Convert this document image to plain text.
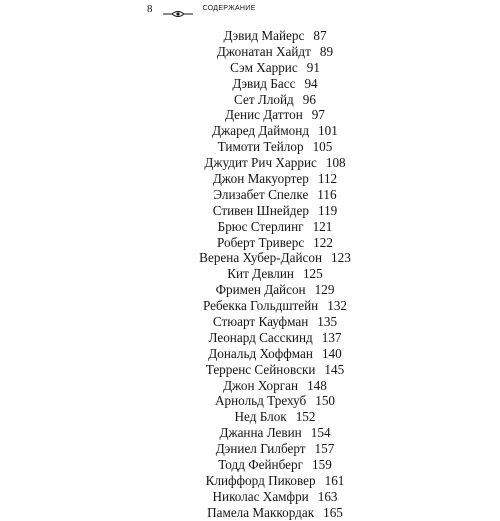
8	СОДЕРЖАНИЕ
Дэвид Майерс 87
Джонатан Хайдт 89
Сэм Харрис 91
Дэвид Басс 94
Сет Ллойд 96
Денис Даттон 97
Джаред Даймонд 101
Тимоти Тейлор 105
Джудит Рич Харрис 108
Джон Макуортер 112
Элизабет Спелке 116
Стивен Шнейдер 119
Брюс Стерлинг 121
Роберт Триверс 122
Верена Хубер-Дайсон 123
Кит Девлин 125
Фримен Дайсон 129
Ребекка Гольдштейн 132
Стюарт Кауфман 135
Леонард Сасскинд 137
Дональд Хоффман 140
Терренс Сейновски 145
Джон Хорган 148
Арнольд Трехуб 150
Нед Блок 152
Джанна Левин 154
Дэниел Гилберт 157
Тодд Фейнберг 159
Клиффорд Пиковер 161
Николас Хамфри 163
Памела Маккордак 165
